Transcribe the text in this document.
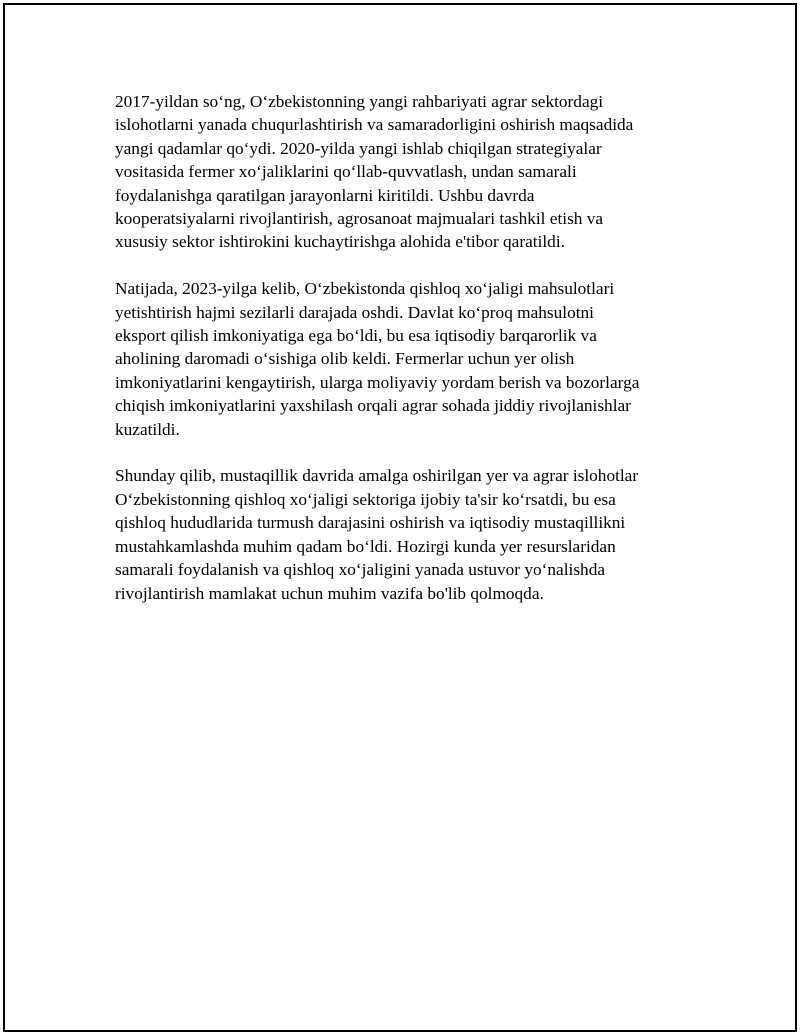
2017-yildan so‘ng, O‘zbekistonning yangi rahbariyati agrar sektordagi
islohotlarni yanada chuqurlashtirish va samaradorligini oshirish maqsadida
yangi qadamlar qo‘ydi. 2020-yilda yangi ishlab chiqilgan strategiyalar
vositasida fermer xo‘jaliklarini qo‘llab-quvvatlash, undan samarali
foydalanishga qaratilgan jarayonlarni kiritildi. Ushbu davrda
kooperatsiyalarni rivojlantirish, agrosanoat majmualari tashkil etish va
xususiy sektor ishtirokini kuchaytirishga alohida e'tibor qaratildi.

Natijada, 2023-yilga kelib, O‘zbekistonda qishloq xo‘jaligi mahsulotlari
yetishtirish hajmi sezilarli darajada oshdi. Davlat ko‘proq mahsulotni
eksport qilish imkoniyatiga ega bo‘ldi, bu esa iqtisodiy barqarorlik va
aholining daromadi o‘sishiga olib keldi. Fermerlar uchun yer olish
imkoniyatlarini kengaytirish, ularga moliyaviy yordam berish va bozorlarga
chiqish imkoniyatlarini yaxshilash orqali agrar sohada jiddiy rivojlanishlar
kuzatildi.

Shunday qilib, mustaqillik davrida amalga oshirilgan yer va agrar islohotlar
O‘zbekistonning qishloq xo‘jaligi sektoriga ijobiy ta'sir ko‘rsatdi, bu esa
qishloq hududlarida turmush darajasini oshirish va iqtisodiy mustaqillikni
mustahkamlashda muhim qadam bo‘ldi. Hozirgi kunda yer resurslaridan
samarali foydalanish va qishloq xo‘jaligini yanada ustuvor yo‘nalishda
rivojlantirish mamlakat uchun muhim vazifa bo'lib qolmoqda.
